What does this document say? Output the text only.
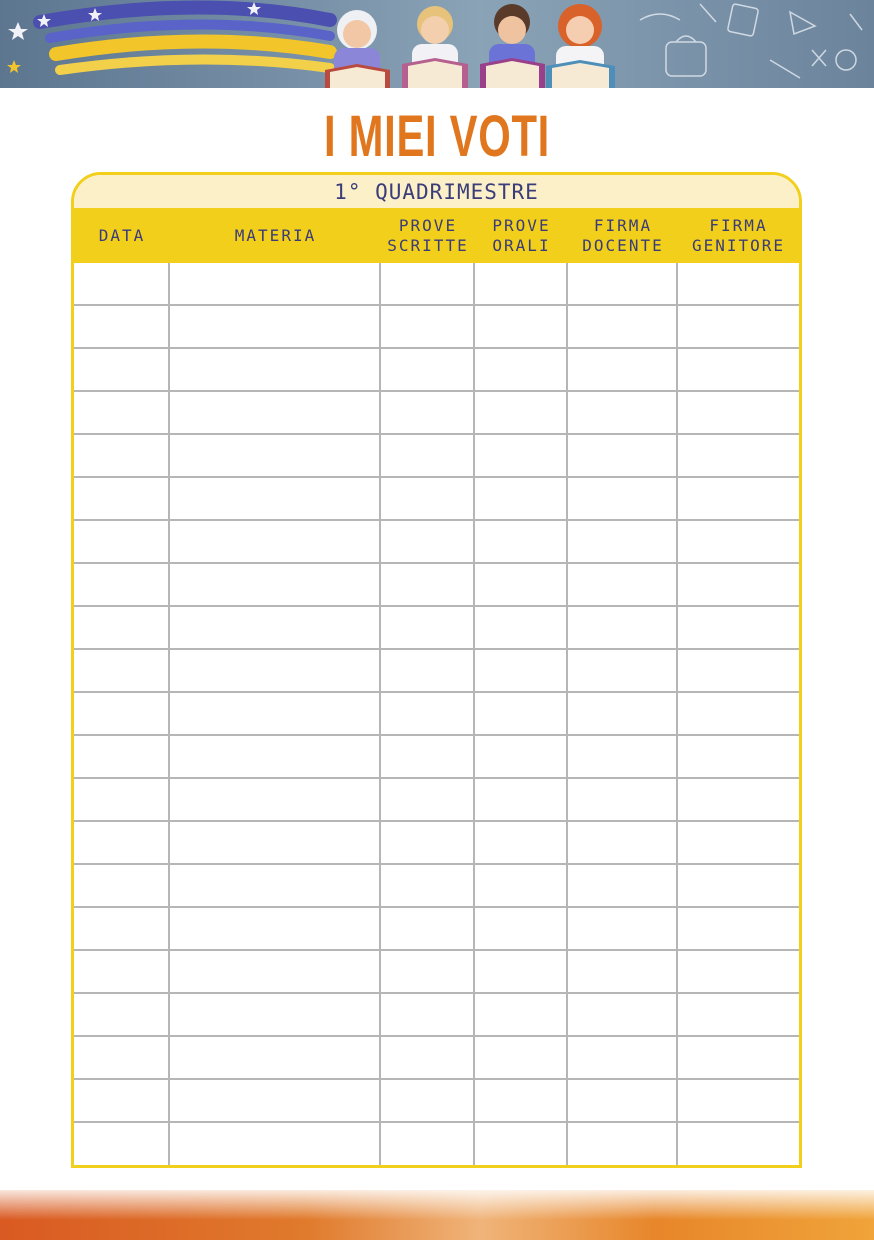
I MIEI VOTI
1° QUADRIMESTRE
DATA	MATERIA
PROVE
SCRITTE
PROVE
ORALI
FIRMA
DOCENTE
FIRMA
GENITORE
